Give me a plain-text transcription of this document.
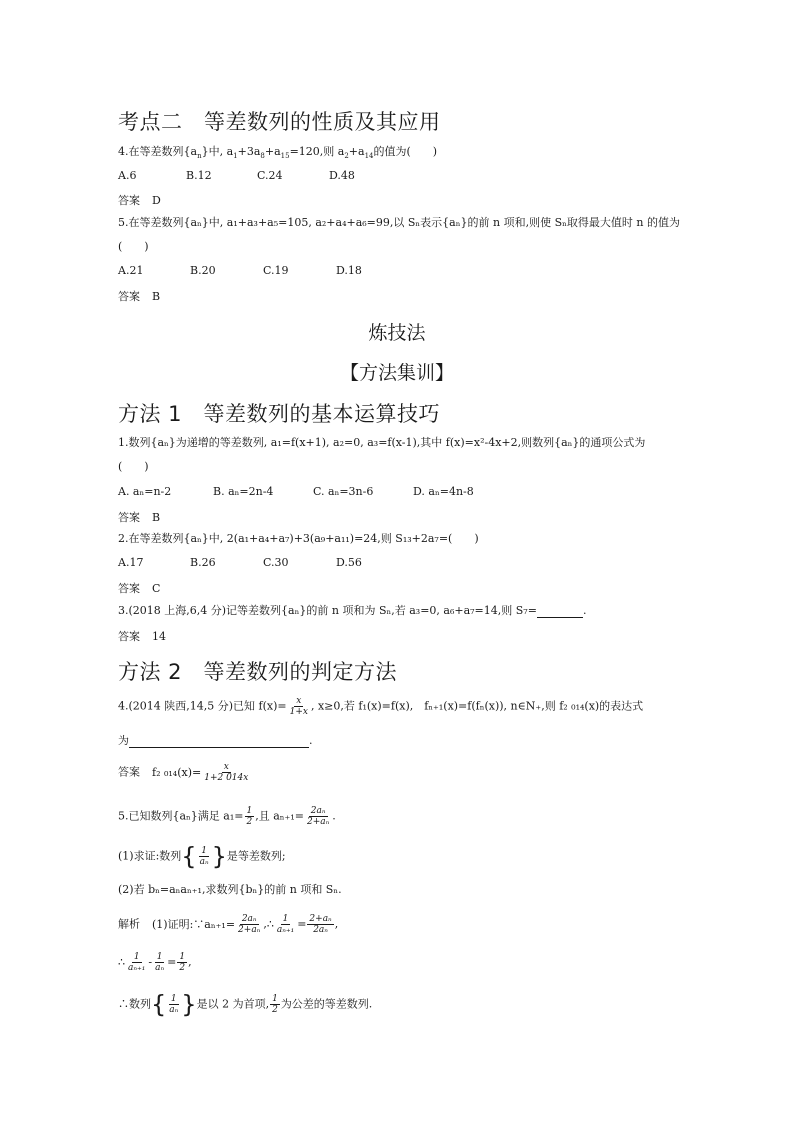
考点二　等差数列的性质及其应用
4.在等差数列$\{a_n\}$中, $a_1+3a_8+a_{15}=120$,则 $a_2+a_{14}$的值为(　　)
A.6	B.12	C.24	D.48
答案 D
5.在等差数列{aₙ}中, a₁+a₃+a₅=105, a₂+a₄+a₆=99,以 Sₙ表示{aₙ}的前 n 项和,则使 Sₙ取得最大值时 n 的值为
(　　)
A.21	B.20	C.19	D.18
答案 B
炼技法
【方法集训】
方法 1　等差数列的基本运算技巧
1.数列{aₙ}为递增的等差数列, a₁=f(x+1), a₂=0, a₃=f(x-1),其中 f(x)=x²-4x+2,则数列{aₙ}的通项公式为
(　　)
A. aₙ=n-2	B. aₙ=2n-4	C. aₙ=3n-6	D. aₙ=4n-8
答案 B
2.在等差数列{aₙ}中, 2(a₁+a₄+a₇)+3(a₉+a₁₁)=24,则 S₁₃+2a₇=(　　)
A.17	B.26	C.30	D.56
答案 C
3.(2018 上海,6,4 分)记等差数列{aₙ}的前 n 项和为 Sₙ,若 a₃=0, a₆+a₇=14,则 S₇=	.
答案 14
方法 2　等差数列的判定方法
4.(2014 陕西,14,5 分)已知 $f(x)= \frac{x}{1+x}$ , x≥0,若 f₁(x)=f(x),　fₙ₊₁(x)=f(fₙ(x)), n∈N₊,则 f₂ ₀₁₄(x)的表达式
为	.
答案 f₂ $_{014}(x)= \frac{x}{1+2 014x}$
5.已知数列{aₙ}满足 $a_1= \frac{1}{2}$ ,且 $a_{n+1}= \frac{\text{2aₙ}}{\text{2+aₙ}}$ .
(1)求证:数列{ $\frac{1}{\text{aₙ}}$ }是等差数列;
(2)若 bₙ=aₙaₙ₊₁,求数列{bₙ}的前 n 项和 Sₙ.
解析 (1)证明:∵aₙ₊₁= $\frac{\text{2aₙ}}{\text{2+aₙ}}$ ,∴ $\frac{1}{\text{aₙ₊₁}} = \frac{\text{2+aₙ}}{\text{2aₙ}}$ ,
∴ $\frac{1}{\text{aₙ₊₁}} - \frac{1}{\text{aₙ}} = \frac{1}{2}$ ,
∴数列{ $\frac{1}{\text{aₙ}}$ }是以 2 为首项, $\frac{1}{2}$ 为公差的等差数列.
